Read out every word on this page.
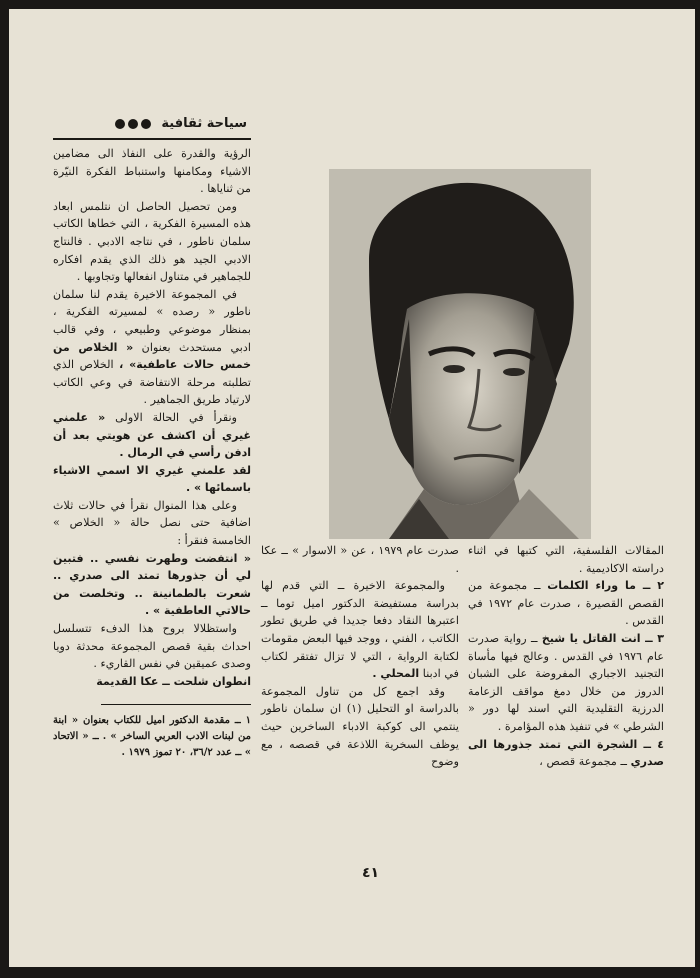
سياحة ثقافية

الرؤية والقدرة على النفاذ الى مضامين الاشياء ومكامنها واستنباط الفكرة النيّرة من ثناياها .

ومن تحصيل الحاصل ان نتلمس ابعاد هذه المسيرة الفكرية ، التي خطاها الكاتب سلمان ناطور ، في نتاجه الادبي . فالنتاج الادبي الجيد هو ذلك الذي يقدم افكاره للجماهير في متناول انفعالها وتجاوبها .

في المجموعة الاخيرة يقدم لنا سلمان ناطور « رصده » لمسيرته الفكرية ، بمنظار موضوعي وطبيعي ، وفي قالب ادبي مستحدث بعنوان « الخلاص من خمس حالات عاطفية» ، الخلاص الذي تطلبته مرحلة الانتفاضة في وعي الكاتب لارتياد طريق الجماهير .

ونقرأ في الحالة الاولى « علمني غيري أن اكشف عن هويتي بعد أن ادفن رأسي في الرمال .

لقد علمني غيري الا اسمي الاشياء باسمائها » .

وعلى هذا المنوال نقرأ في حالات ثلاث اضافية حتى نصل حالة « الخلاص » الخامسة فنقرأ :

« انتفضت وطهرت نفسي .. فتبين لي أن جذورها تمتد الى صدري .. شعرت بالطمانينة .. وتخلصت من حالاتي العاطفية » .

واستظلالا بروح هذا الدفء تتسلسل احداث بقية قصص المجموعة محدثة دويا وصدى عميقين في نفس القاريء .

انطوان شلحت ــ عكا القديمة

١ ــ مقدمة الدكتور اميل للكتاب بعنوان « ابنة من لبنات الادب العربي الساخر » . ــ « الاتحاد » ــ عدد ٣٦/٢، ٢٠ تموز ١٩٧٩ .

صدرت عام ١٩٧٩ ، عن « الاسوار » ــ عكا .

والمجموعة الاخيرة ــ التي قدم لها بدراسة مستفيضة الدكتور اميل توما ــ اعتبرها النقاد دفعا جديدا في طريق تطور الكاتب ، الفني ، ووجد فيها البعض مقومات لكتابة الرواية ، التي لا تزال تفتقر لكتاب في ادبنا المحلي .

وقد اجمع كل من تناول المجموعة بالدراسة او التحليل (١) ان سلمان ناطور ينتمي الى كوكبة الادباء الساخرين حيث يوظف السخرية اللاذعة في قصصه ، مع وضوح

المقالات الفلسفية، التي كتبها في اثناء دراسته الاكاديمية .

٢ ــ ما وراء الكلمات ــ مجموعة من القصص القصيرة ، صدرت عام ١٩٧٢ في القدس .

٣ ــ انت القاتل يا شيخ ــ رواية صدرت عام ١٩٧٦ في القدس . وعالج فيها مأساة التجنيد الاجباري المفروضة على الشبان الدروز من خلال دمغ مواقف الزعامة الدرزية التقليدية التي اسند لها دور « الشرطي » في تنفيذ هذه المؤامرة .

٤ ــ الشجرة التي تمتد جذورها الى صدري ــ مجموعة قصص ،

٤١
